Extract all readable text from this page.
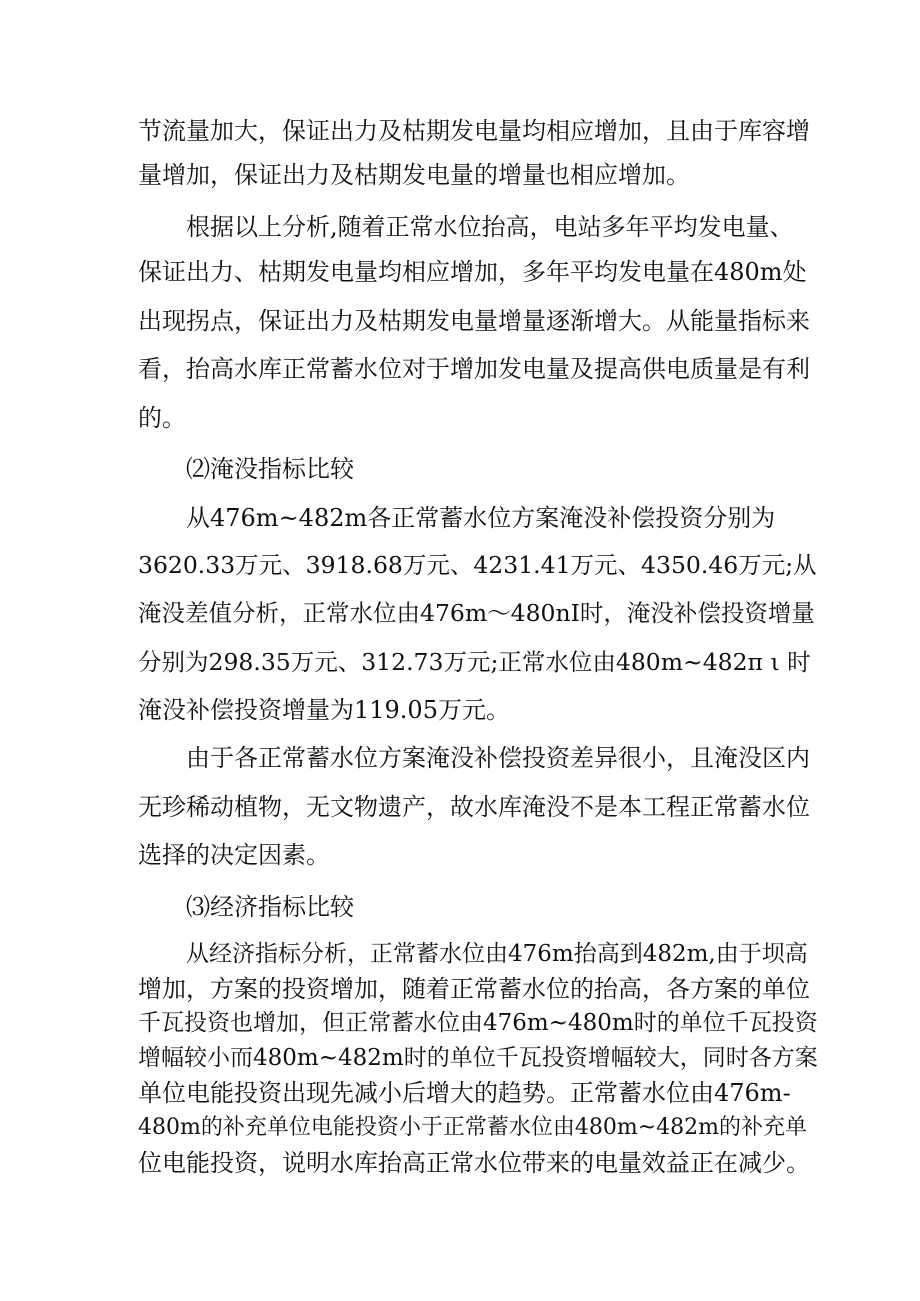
节流量加大，保证出力及枯期发电量均相应增加，且由于库容增

量增加，保证出力及枯期发电量的增量也相应增加。

根据以上分析,随着正常水位抬高，电站多年平均发电量、

保证出力、枯期发电量均相应增加，多年平均发电量在480m处

出现拐点，保证出力及枯期发电量增量逐渐增大。从能量指标来

看，抬高水库正常蓄水位对于增加发电量及提高供电质量是有利

的。

⑵淹没指标比较

从476m~482m各正常蓄水位方案淹没补偿投资分别为

3620.33万元、3918.68万元、4231.41万元、4350.46万元;从

淹没差值分析，正常水位由476m～480nI时，淹没补偿投资增量

分别为298.35万元、312.73万元;正常水位由480m~482π ι 时

淹没补偿投资增量为119.05万元。

由于各正常蓄水位方案淹没补偿投资差异很小，且淹没区内

无珍稀动植物，无文物遗产，故水库淹没不是本工程正常蓄水位

选择的决定因素。

⑶经济指标比较

从经济指标分析，正常蓄水位由476m抬高到482m,由于坝高

增加，方案的投资增加，随着正常蓄水位的抬高，各方案的单位

千瓦投资也增加，但正常蓄水位由476m~480m时的单位千瓦投资

增幅较小而480m~482m时的单位千瓦投资增幅较大，同时各方案

单位电能投资出现先减小后增大的趋势。正常蓄水位由476m-

480m的补充单位电能投资小于正常蓄水位由480m~482m的补充单

位电能投资，说明水库抬高正常水位带来的电量效益正在减少。
